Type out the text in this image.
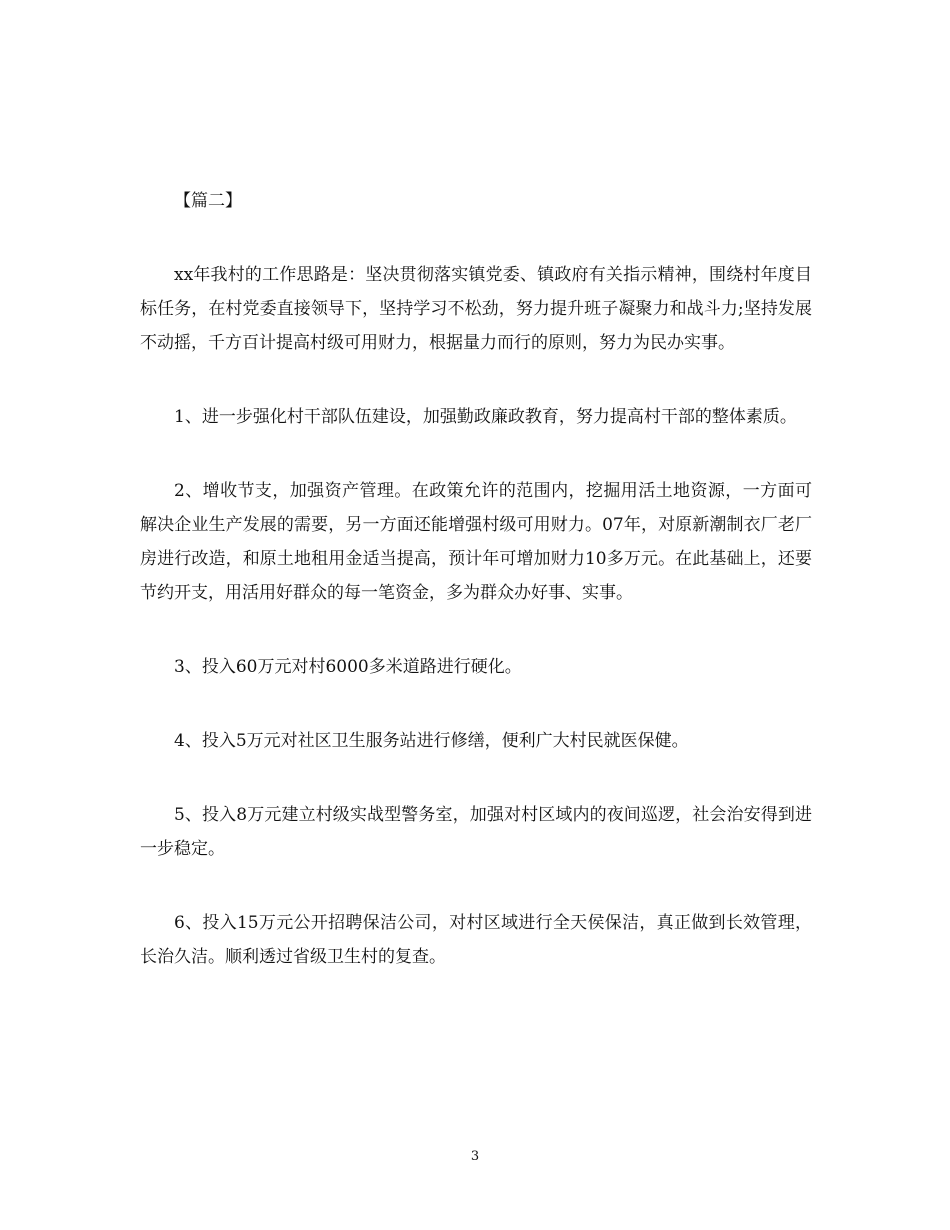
【篇二】

xx年我村的工作思路是：坚决贯彻落实镇党委、镇政府有关指示精神，围绕村年度目标任务，在村党委直接领导下，坚持学习不松劲，努力提升班子凝聚力和战斗力;坚持发展不动摇，千方百计提高村级可用财力，根据量力而行的原则，努力为民办实事。

1、进一步强化村干部队伍建设，加强勤政廉政教育，努力提高村干部的整体素质。

2、增收节支，加强资产管理。在政策允许的范围内，挖掘用活土地资源，一方面可解决企业生产发展的需要，另一方面还能增强村级可用财力。07年，对原新潮制衣厂老厂房进行改造，和原土地租用金适当提高，预计年可增加财力10多万元。在此基础上，还要节约开支，用活用好群众的每一笔资金，多为群众办好事、实事。

3、投入60万元对村6000多米道路进行硬化。

4、投入5万元对社区卫生服务站进行修缮，便利广大村民就医保健。

5、投入8万元建立村级实战型警务室，加强对村区域内的夜间巡逻，社会治安得到进一步稳定。

6、投入15万元公开招聘保洁公司，对村区域进行全天侯保洁，真正做到长效管理，长治久洁。顺利透过省级卫生村的复查。

3
